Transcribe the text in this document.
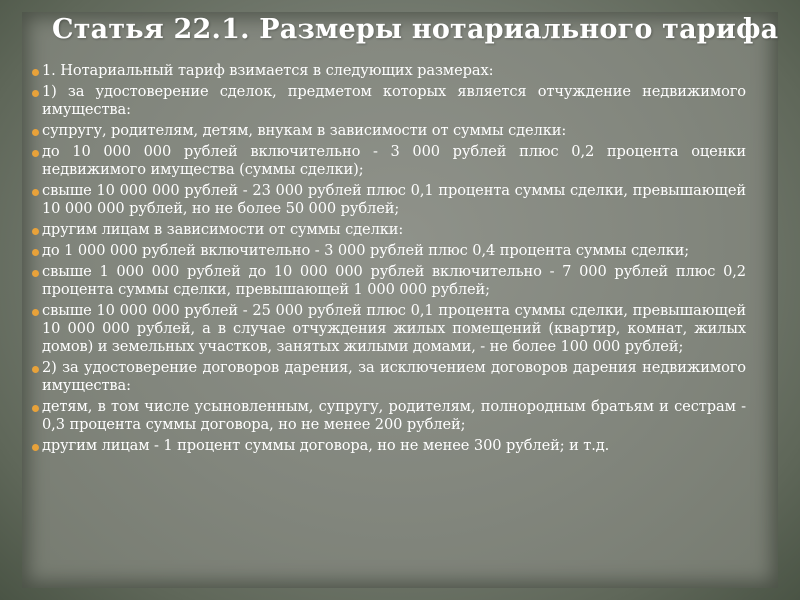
Статья 22.1. Размеры нотариального тарифа
1. Нотариальный тариф взимается в следующих размерах:
1) за удостоверение сделок, предметом которых является отчуждение недвижимого имущества:
супругу, родителям, детям, внукам в зависимости от суммы сделки:
до 10 000 000 рублей включительно - 3 000 рублей плюс 0,2 процента оценки недвижимого имущества (суммы сделки);
свыше 10 000 000 рублей - 23 000 рублей плюс 0,1 процента суммы сделки, превышающей 10 000 000 рублей, но не более 50 000 рублей;
другим лицам в зависимости от суммы сделки:
до 1 000 000 рублей включительно - 3 000 рублей плюс 0,4 процента суммы сделки;
свыше 1 000 000 рублей до 10 000 000 рублей включительно - 7 000 рублей плюс 0,2 процента суммы сделки, превышающей 1 000 000 рублей;
свыше 10 000 000 рублей - 25 000 рублей плюс 0,1 процента суммы сделки, превышающей 10 000 000 рублей, а в случае отчуждения жилых помещений (квартир, комнат, жилых домов) и земельных участков, занятых жилыми домами, - не более 100 000 рублей;
2) за удостоверение договоров дарения, за исключением договоров дарения недвижимого имущества:
детям, в том числе усыновленным, супругу, родителям, полнородным братьям и сестрам - 0,3 процента суммы договора, но не менее 200 рублей;
другим лицам - 1 процент суммы договора, но не менее 300 рублей; и т.д.
